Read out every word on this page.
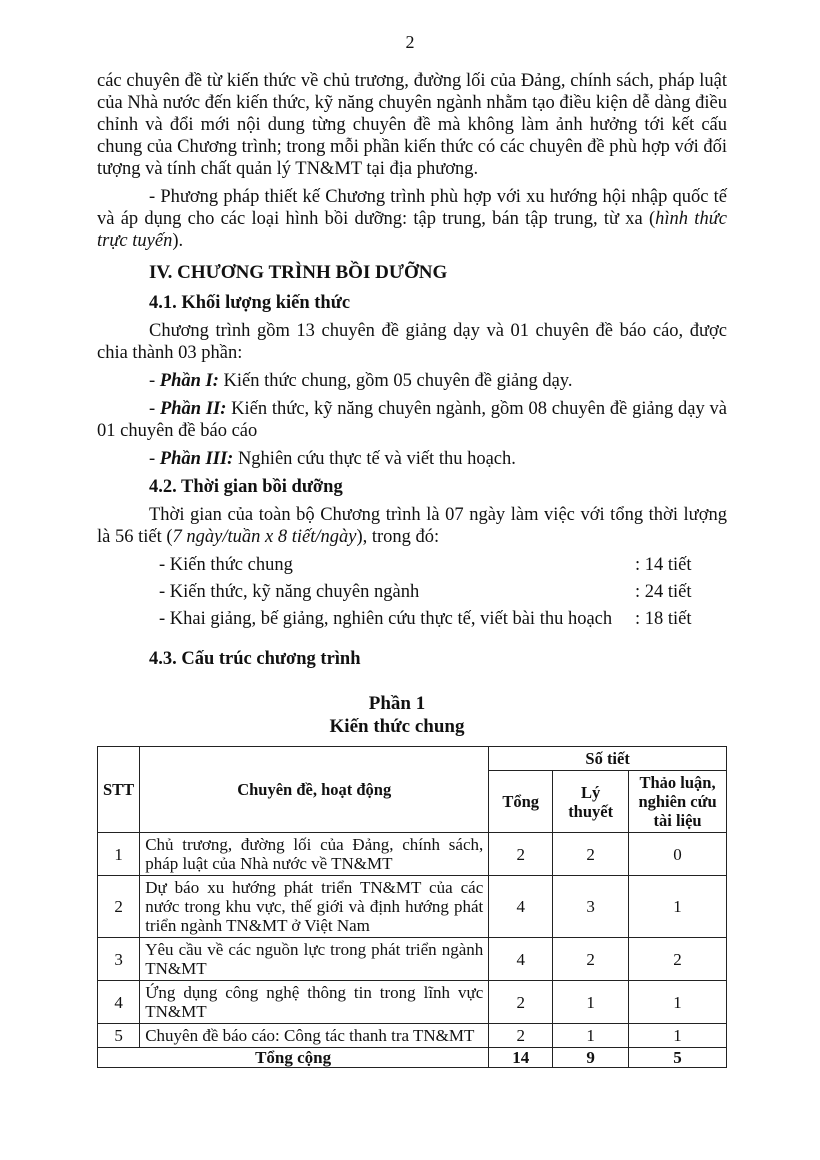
2

các chuyên đề từ kiến thức về chủ trương, đường lối của Đảng, chính sách, pháp luật của Nhà nước đến kiến thức, kỹ năng chuyên ngành nhằm tạo điều kiện dễ dàng điều chỉnh và đổi mới nội dung từng chuyên đề mà không làm ảnh hưởng tới kết cấu chung của Chương trình; trong mỗi phần kiến thức có các chuyên đề phù hợp với đối tượng và tính chất quản lý TN&MT tại địa phương.

- Phương pháp thiết kế Chương trình phù hợp với xu hướng hội nhập quốc tế và áp dụng cho các loại hình bồi dưỡng: tập trung, bán tập trung, từ xa (hình thức trực tuyến).

IV. CHƯƠNG TRÌNH BỒI DƯỠNG
4.1. Khối lượng kiến thức

Chương trình gồm 13 chuyên đề giảng dạy và 01 chuyên đề báo cáo, được chia thành 03 phần:

- Phần I: Kiến thức chung, gồm 05 chuyên đề giảng dạy.

- Phần II: Kiến thức, kỹ năng chuyên ngành, gồm 08 chuyên đề giảng dạy và 01 chuyên đề báo cáo

- Phần III: Nghiên cứu thực tế và viết thu hoạch.

4.2. Thời gian bồi dưỡng

Thời gian của toàn bộ Chương trình là 07 ngày làm việc với tổng thời lượng là 56 tiết (7 ngày/tuần x 8 tiết/ngày), trong đó:

- Kiến thức chung	: 14 tiết
- Kiến thức, kỹ năng chuyên ngành	: 24 tiết
- Khai giảng, bế giảng, nghiên cứu thực tế, viết bài thu hoạch : 18 tiết
4.3. Cấu trúc chương trình
Phần 1
Kiến thức chung
STT	Chuyên đề, hoạt động	Số tiết		
		Tổng	Lý thuyết	Thảo luận, nghiên cứu tài liệu
1	Chủ trương, đường lối của Đảng, chính sách, pháp luật của Nhà nước về TN&MT	2	2	0
2	Dự báo xu hướng phát triển TN&MT của các nước trong khu vực, thế giới và định hướng phát triển ngành TN&MT ở Việt Nam	4	3	1
3	Yêu cầu về các nguồn lực trong phát triển ngành TN&MT	4	2	2
4	Ứng dụng công nghệ thông tin trong lĩnh vực TN&MT	2	1	1
5	Chuyên đề báo cáo: Công tác thanh tra TN&MT	2	1	1
Tổng cộng		14	9	5
